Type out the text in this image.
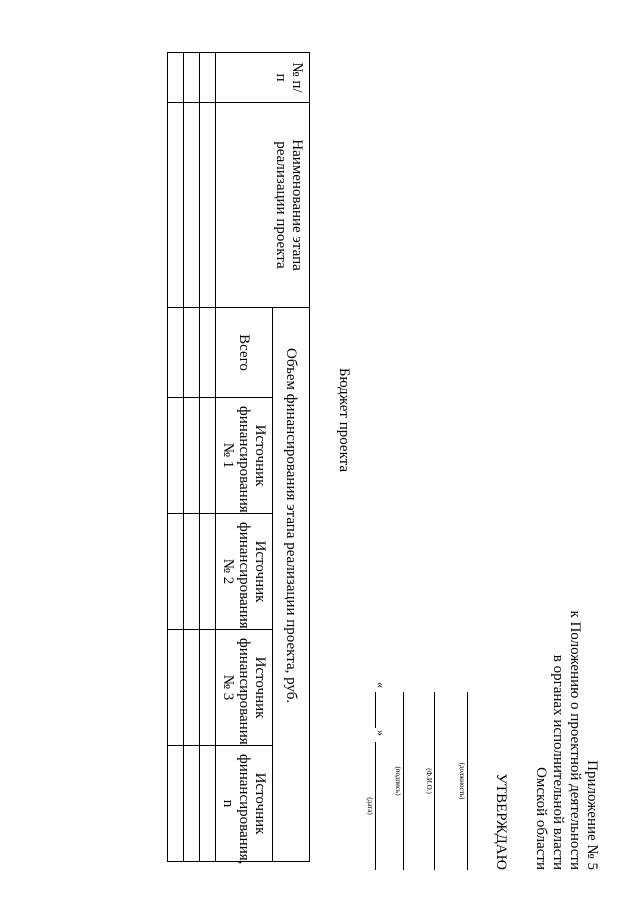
Приложение № 5
к Положению о проектной деятельности
в органах исполнительной власти
Омской области
УТВЕРЖДАЮ
(должность)
(Ф.И.О.)
(подпись)
«
»
(дата)
Бюджет проекта
№ п/п	Наименование этапа реализации проекта	Объем финансирования этапа реализации проекта, руб.				
		Всего	Источник финансирования № 1	Источник финансирования № 2	Источник финансирования № 3	Источник финансирования, n
